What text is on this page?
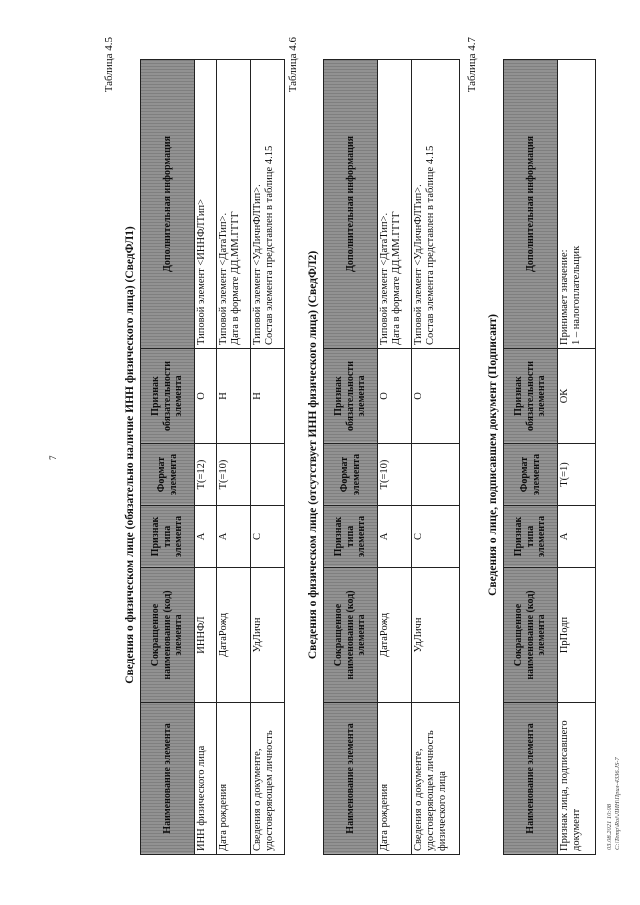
7
Таблица 4.5
Сведения о физическом лице (обязательно наличие ИНН физического лица) (СведФЛ1)
Наименование элемента	Сокращенное наименование (код) элемента	Признак типа элемента	Формат элемента	Признак обязательности элемента	Дополнительная информация
ИНН физического лица	ИННФЛ	А	T(=12)	О	Типовой элемент <ИННФЛТип>

Дата рождения	ДатаРожд	А	T(=10)	Н	Типовой элемент <ДатаТип>. Дата в формате ДД.ММ.ГГГГ

Сведения о документе, удостоверяющем личность	УдЛичн	С		Н	Типовой элемент <УдЛичнФЛТип>. Состав элемента представлен в таблице 4.15
Таблица 4.6
Сведения о физическом лице (отсутствует ИНН физического лица) (СведФЛ2)
Наименование элемента	Сокращенное наименование (код) элемента	Признак типа элемента	Формат элемента	Признак обязательности элемента	Дополнительная информация
Дата рождения	ДатаРожд	А	T(=10)	О	Типовой элемент <ДатаТип>. Дата в формате ДД.ММ.ГГГГ

Сведения о документе, удостоверяющем личность физического лица	УдЛичн	С		О	Типовой элемент <УдЛичнФЛТип>. Состав элемента представлен в таблице 4.15
Таблица 4.7
Сведения о лице, подписавшем документ (Подписант)
Наименование элемента	Сокращенное наименование (код) элемента	Признак типа элемента	Формат элемента	Признак обязательности элемента	Дополнительная информация
Признак лица, подписавшего документ	ПрПодп	А	T(=1)	ОК	Принимает значение: 1 – налогоплательщик
03.08.2021 10:08 C:\Temp\Roi\ЛИН\Прил-4336.JS-7
